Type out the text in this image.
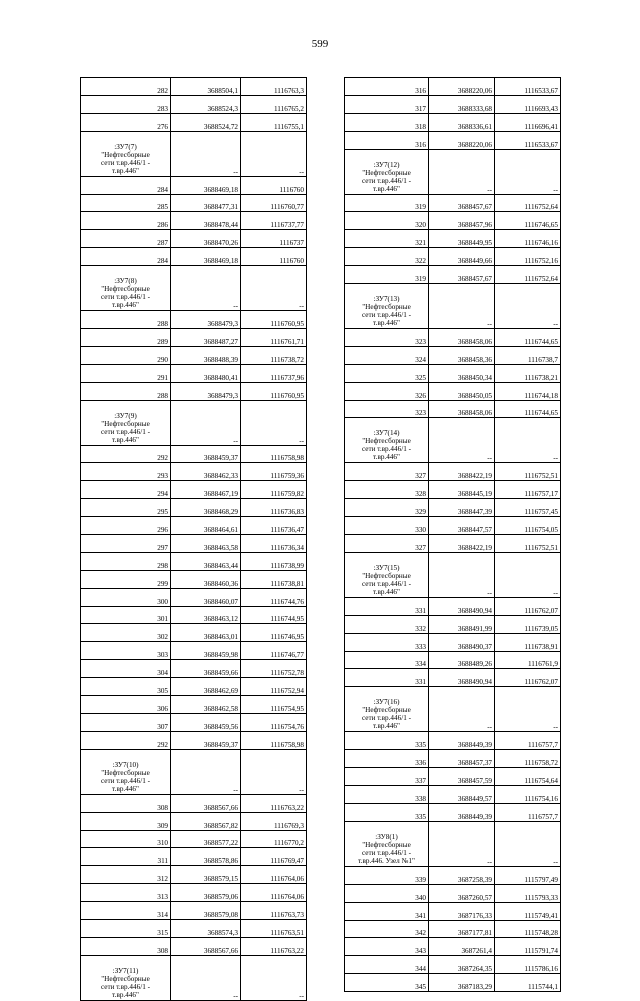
599
282	3688504,1	1116763,3
283	3688524,3	1116765,2
276	3688524,72	1116755,1
:ЗУ7(7)
"Нефтесборные
сети т.вр.446/1 -
т.вр.446"	--	--
284	3688469,18	1116760
285	3688477,31	1116760,77
286	3688478,44	1116737,77
287	3688470,26	1116737
284	3688469,18	1116760
:ЗУ7(8)
"Нефтесборные
сети т.вр.446/1 -
т.вр.446"	--	--
288	3688479,3	1116760,95
289	3688487,27	1116761,71
290	3688488,39	1116738,72
291	3688480,41	1116737,96
288	3688479,3	1116760,95
:ЗУ7(9)
"Нефтесборные
сети т.вр.446/1 -
т.вр.446"	--	--
292	3688459,37	1116758,98
293	3688462,33	1116759,36
294	3688467,19	1116759,82
295	3688468,29	1116736,83
296	3688464,61	1116736,47
297	3688463,58	1116736,34
298	3688463,44	1116738,99
299	3688460,36	1116738,81
300	3688460,07	1116744,76
301	3688463,12	1116744,95
302	3688463,01	1116746,95
303	3688459,98	1116746,77
304	3688459,66	1116752,78
305	3688462,69	1116752,94
306	3688462,58	1116754,95
307	3688459,56	1116754,76
292	3688459,37	1116758,98
:ЗУ7(10)
"Нефтесборные
сети т.вр.446/1 -
т.вр.446"	--	--
308	3688567,66	1116763,22
309	3688567,82	1116769,3
310	3688577,22	1116770,2
311	3688578,86	1116769,47
312	3688579,15	1116764,06
313	3688579,06	1116764,06
314	3688579,08	1116763,73
315	3688574,3	1116763,51
308	3688567,66	1116763,22
:ЗУ7(11)
"Нефтесборные
сети т.вр.446/1 -
т.вр.446"	--	--
316	3688220,06	1116533,67
317	3688333,68	1116693,43
318	3688336,61	1116696,41
316	3688220,06	1116533,67
:ЗУ7(12)
"Нефтесборные
сети т.вр.446/1 -
т.вр.446"	--	--
319	3688457,67	1116752,64
320	3688457,96	1116746,65
321	3688449,95	1116746,16
322	3688449,66	1116752,16
319	3688457,67	1116752,64
:ЗУ7(13)
"Нефтесборные
сети т.вр.446/1 -
т.вр.446"	--	--
323	3688458,06	1116744,65
324	3688458,36	1116738,7
325	3688450,34	1116738,21
326	3688450,05	1116744,18
323	3688458,06	1116744,65
:ЗУ7(14)
"Нефтесборные
сети т.вр.446/1 -
т.вр.446"	--	--
327	3688422,19	1116752,51
328	3688445,19	1116757,17
329	3688447,39	1116757,45
330	3688447,57	1116754,05
327	3688422,19	1116752,51
:ЗУ7(15)
"Нефтесборные
сети т.вр.446/1 -
т.вр.446"	--	--
331	3688490,94	1116762,07
332	3688491,99	1116739,05
333	3688490,37	1116738,91
334	3688489,26	1116761,9
331	3688490,94	1116762,07
:ЗУ7(16)
"Нефтесборные
сети т.вр.446/1 -
т.вр.446"	--	--
335	3688449,39	1116757,7
336	3688457,37	1116758,72
337	3688457,59	1116754,64
338	3688449,57	1116754,16
335	3688449,39	1116757,7
:ЗУ8(1)
"Нефтесборные
сети т.вр.446/1 -
т.вр.446. Узел №1"	--	--
339	3687258,39	1115797,49
340	3687260,57	1115793,33
341	3687176,33	1115749,41
342	3687177,81	1115748,28
343	3687261,4	1115791,74
344	3687264,35	1115786,16
345	3687183,29	1115744,1
